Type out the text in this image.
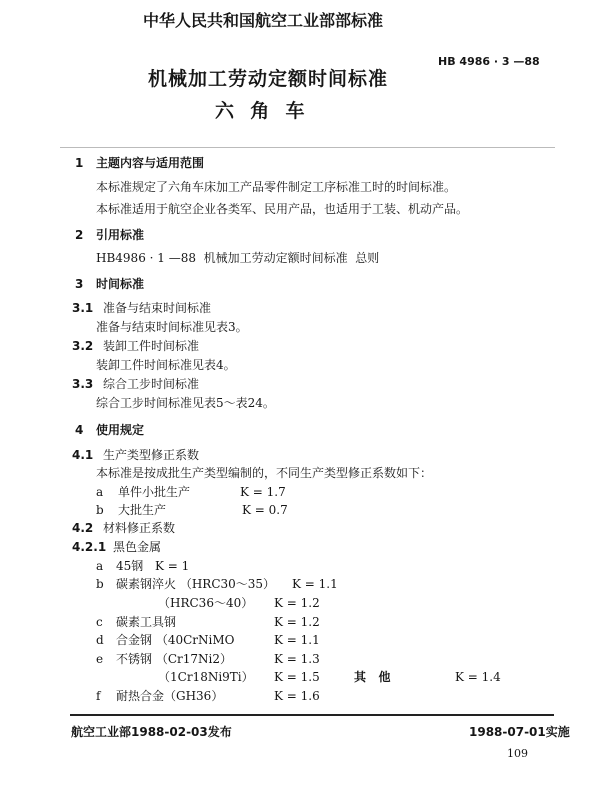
中华人民共和国航空工业部部标准
HB 4986 · 3 —88
机械加工劳动定额时间标准
六  角  车
1 主题内容与适用范围
本标准规定了六角车床加工产品零件制定工序标准工时的时间标准。
本标准适用于航空企业各类军、民用产品，也适用于工装、机动产品。
2 引用标准
HB4986 · 1 —88  机械加工劳动定额时间标准  总则
3 时间标准
3.1 准备与结束时间标准
准备与结束时间标准见表3。
3.2 装卸工件时间标准
装卸工件时间标准见表4。
3.3 综合工步时间标准
综合工步时间标准见表5～表24。
4 使用规定
4.1 生产类型修正系数
本标准是按成批生产类型编制的，不同生产类型修正系数如下：
a 单件小批生产	K = 1.7
b 大批生产	K = 0.7
4.2 材料修正系数
4.2.1 黑色金属
a 45钢 K = 1
b 碳素钢淬火 （HRC30～35） K = 1.1
（HRC36～40） K = 1.2
c 碳素工具钢	K = 1.2
d 合金钢 （40CrNiMO	K = 1.1
e 不锈钢 （Cr17Ni2）	K = 1.3
（1Cr18Ni9Ti） K = 1.5	其   他	K = 1.4
f 耐热合金（GH36）	K = 1.6
航空工业部1988-02-03发布	1988-07-01实施
109
